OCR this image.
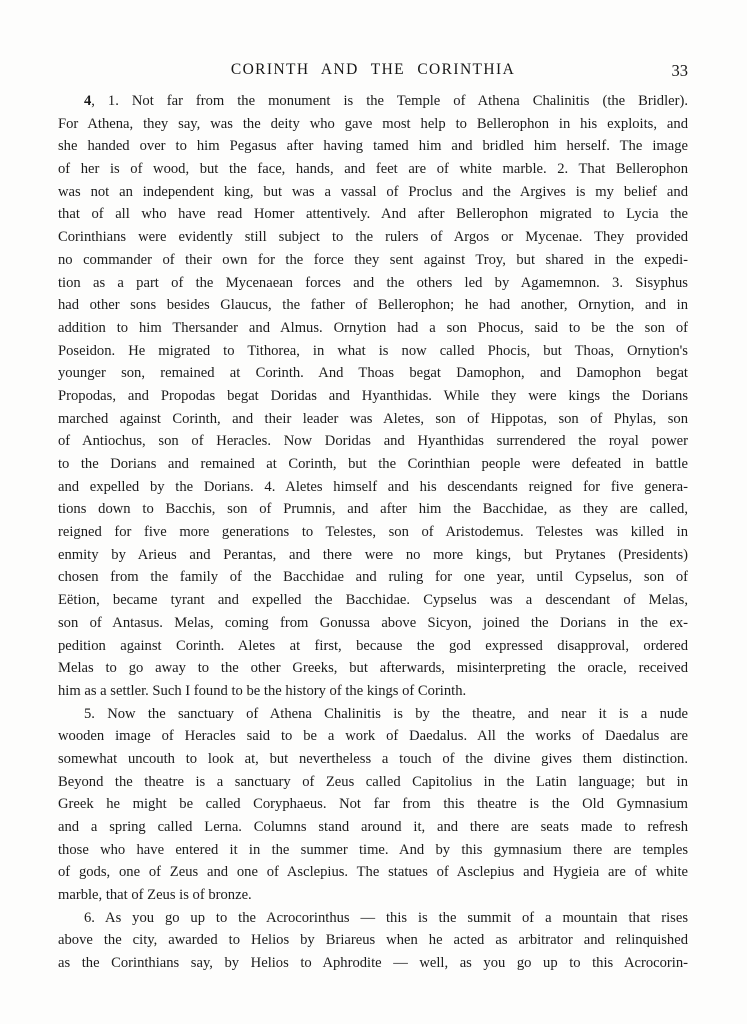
CORINTH AND THE CORINTHIA	33
4, 1. Not far from the monument is the Temple of Athena Chalinitis (the Bridler).
For Athena, they say, was the deity who gave most help to Bellerophon in his exploits, and
she handed over to him Pegasus after having tamed him and bridled him herself. The image
of her is of wood, but the face, hands, and feet are of white marble. 2. That Bellerophon
was not an independent king, but was a vassal of Proclus and the Argives is my belief and
that of all who have read Homer attentively. And after Bellerophon migrated to Lycia the
Corinthians were evidently still subject to the rulers of Argos or Mycenae. They provided
no commander of their own for the force they sent against Troy, but shared in the expedi-
tion as a part of the Mycenaean forces and the others led by Agamemnon. 3. Sisyphus
had other sons besides Glaucus, the father of Bellerophon; he had another, Ornytion, and in
addition to him Thersander and Almus. Ornytion had a son Phocus, said to be the son of
Poseidon. He migrated to Tithorea, in what is now called Phocis, but Thoas, Ornytion's
younger son, remained at Corinth. And Thoas begat Damophon, and Damophon begat
Propodas, and Propodas begat Doridas and Hyanthidas. While they were kings the Dorians
marched against Corinth, and their leader was Aletes, son of Hippotas, son of Phylas, son
of Antiochus, son of Heracles. Now Doridas and Hyanthidas surrendered the royal power
to the Dorians and remained at Corinth, but the Corinthian people were defeated in battle
and expelled by the Dorians. 4. Aletes himself and his descendants reigned for five genera-
tions down to Bacchis, son of Prumnis, and after him the Bacchidae, as they are called,
reigned for five more generations to Telestes, son of Aristodemus. Telestes was killed in
enmity by Arieus and Perantas, and there were no more kings, but Prytanes (Presidents)
chosen from the family of the Bacchidae and ruling for one year, until Cypselus, son of
Eëtion, became tyrant and expelled the Bacchidae. Cypselus was a descendant of Melas,
son of Antasus. Melas, coming from Gonussa above Sicyon, joined the Dorians in the ex-
pedition against Corinth. Aletes at first, because the god expressed disapproval, ordered
Melas to go away to the other Greeks, but afterwards, misinterpreting the oracle, received
him as a settler. Such I found to be the history of the kings of Corinth.
5. Now the sanctuary of Athena Chalinitis is by the theatre, and near it is a nude
wooden image of Heracles said to be a work of Daedalus. All the works of Daedalus are
somewhat uncouth to look at, but nevertheless a touch of the divine gives them distinction.
Beyond the theatre is a sanctuary of Zeus called Capitolius in the Latin language; but in
Greek he might be called Coryphaeus. Not far from this theatre is the Old Gymnasium
and a spring called Lerna. Columns stand around it, and there are seats made to refresh
those who have entered it in the summer time. And by this gymnasium there are temples
of gods, one of Zeus and one of Asclepius. The statues of Asclepius and Hygieia are of white
marble, that of Zeus is of bronze.
6. As you go up to the Acrocorinthus — this is the summit of a mountain that rises
above the city, awarded to Helios by Briareus when he acted as arbitrator and relinquished
as the Corinthians say, by Helios to Aphrodite — well, as you go up to this Acrocorin-
